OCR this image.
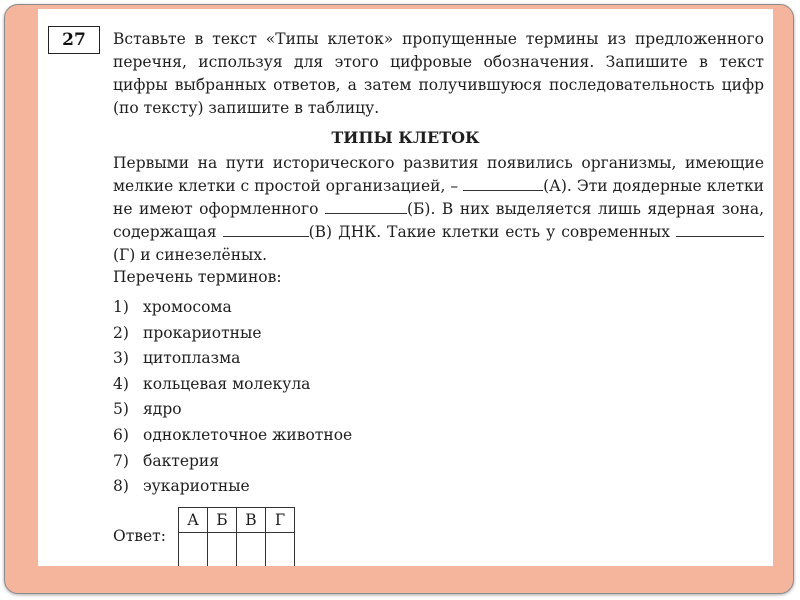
27 Вставьте в текст «Типы клеток» пропущенные термины из предложенного перечня, используя для этого цифровые обозначения. Запишите в текст цифры выбранных ответов, а затем получившуюся последовательность цифр (по тексту) запишите в таблицу.

ТИПЫ КЛЕТОК

Первыми на пути исторического развития появились организмы, имеющие мелкие клетки с простой организацией, –	(А). Эти доядерные клетки не имеют оформленного	(Б). В них выделяется лишь ядерная зона, содержащая	(В) ДНК. Такие клетки есть у современных (Г) и синезелёных.

Перечень терминов:

1) хромосома
2) прокариотные
3) цитоплазма
4) кольцевая молекула
5) ядро
6) одноклеточное животное
7) бактерия
8) эукариотные

Ответ:

А	Б	В	Г
